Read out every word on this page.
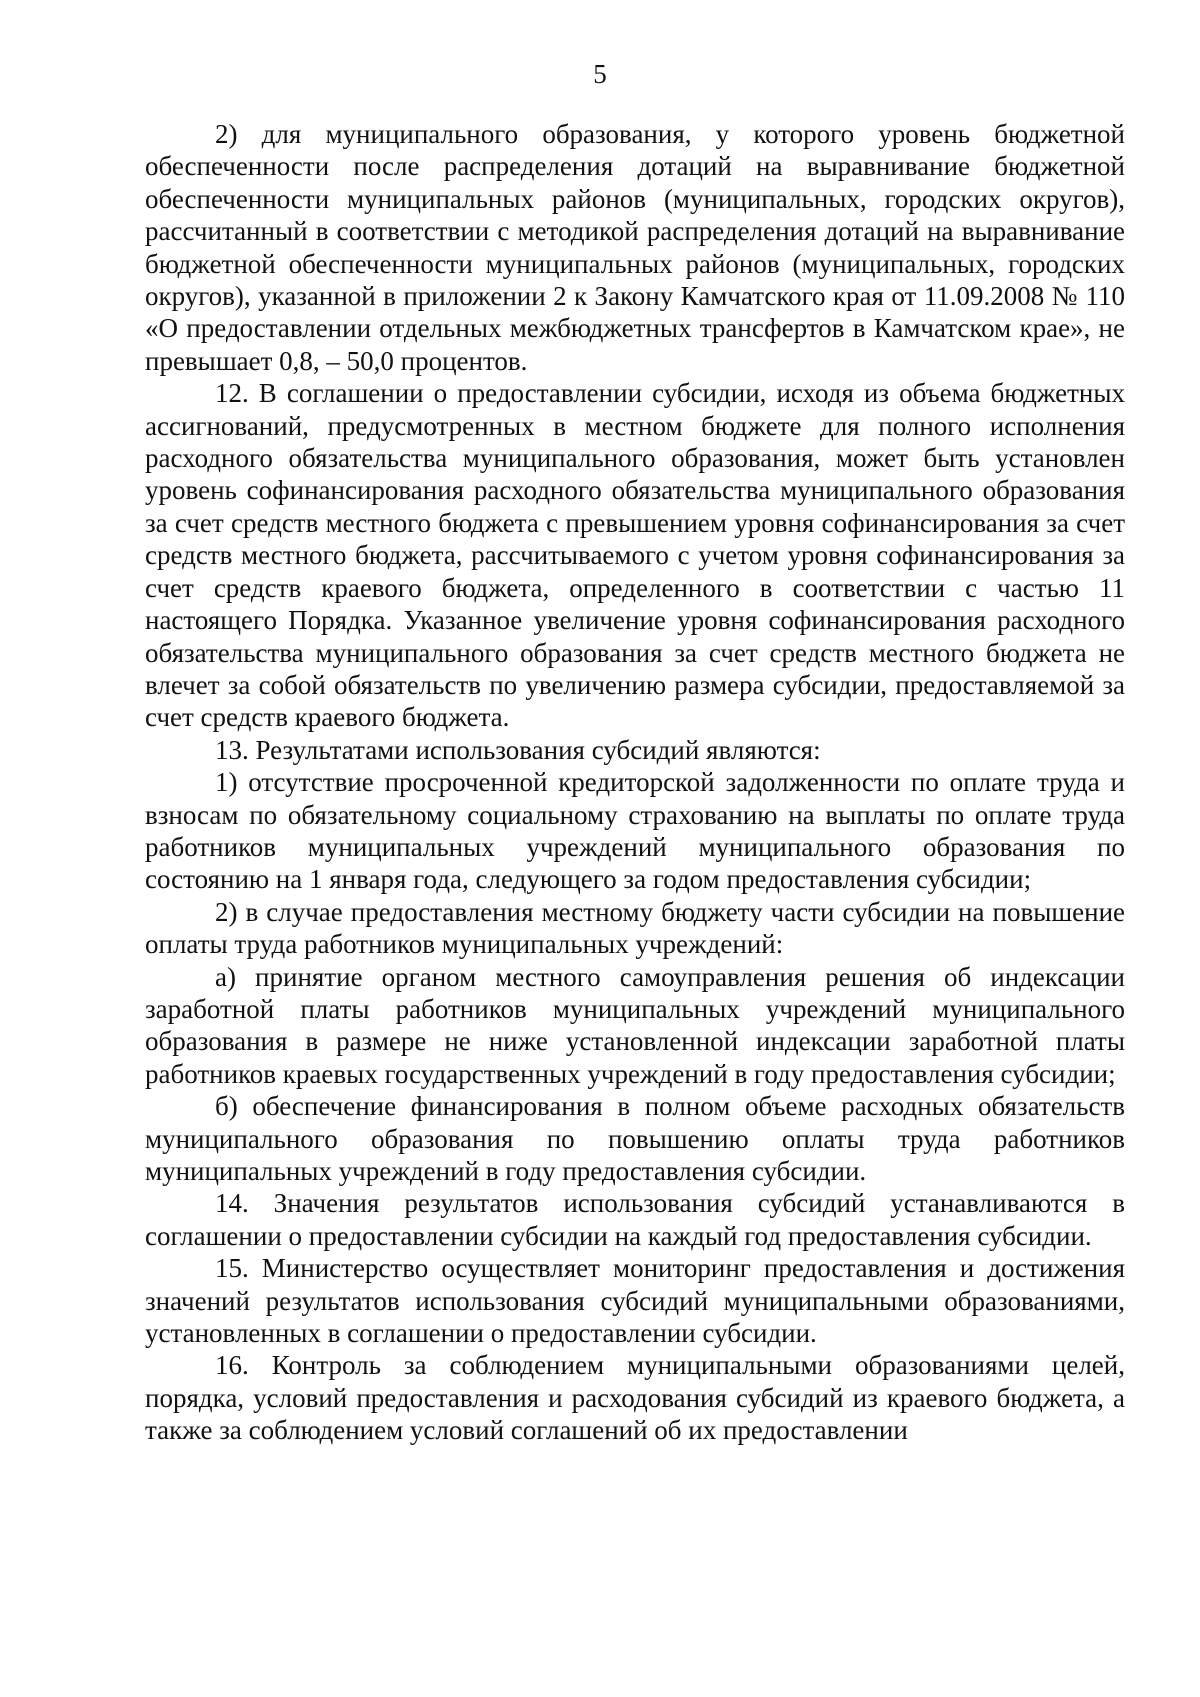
5

2) для муниципального образования, у которого уровень бюджетной обеспеченности после распределения дотаций на выравнивание бюджетной обеспеченности муниципальных районов (муниципальных, городских округов), рассчитанный в соответствии с методикой распределения дотаций на выравнивание бюджетной обеспеченности муниципальных районов (муниципальных, городских округов), указанной в приложении 2 к Закону Камчатского края от 11.09.2008 № 110 «О предоставлении отдельных межбюджетных трансфертов в Камчатском крае», не превышает 0,8, – 50,0 процентов.

12. В соглашении о предоставлении субсидии, исходя из объема бюджетных ассигнований, предусмотренных в местном бюджете для полного исполнения расходного обязательства муниципального образования, может быть установлен уровень софинансирования расходного обязательства муниципального образования за счет средств местного бюджета с превышением уровня софинансирования за счет средств местного бюджета, рассчитываемого с учетом уровня софинансирования за счет средств краевого бюджета, определенного в соответствии с частью 11 настоящего Порядка. Указанное увеличение уровня софинансирования расходного обязательства муниципального образования за счет средств местного бюджета не влечет за собой обязательств по увеличению размера субсидии, предоставляемой за счет средств краевого бюджета.

13. Результатами использования субсидий являются:

1) отсутствие просроченной кредиторской задолженности по оплате труда и взносам по обязательному социальному страхованию на выплаты по оплате труда работников муниципальных учреждений муниципального образования по состоянию на 1 января года, следующего за годом предоставления субсидии;

2) в случае предоставления местному бюджету части субсидии на повышение оплаты труда работников муниципальных учреждений:

а) принятие органом местного самоуправления решения об индексации заработной платы работников муниципальных учреждений муниципального образования в размере не ниже установленной индексации заработной платы работников краевых государственных учреждений в году предоставления субсидии;

б) обеспечение финансирования в полном объеме расходных обязательств муниципального образования по повышению оплаты труда работников муниципальных учреждений в году предоставления субсидии.

14. Значения результатов использования субсидий устанавливаются в соглашении о предоставлении субсидии на каждый год предоставления субсидии.

15. Министерство осуществляет мониторинг предоставления и достижения значений результатов использования субсидий муниципальными образованиями, установленных в соглашении о предоставлении субсидии.

16. Контроль за соблюдением муниципальными образованиями целей, порядка, условий предоставления и расходования субсидий из краевого бюджета, а также за соблюдением условий соглашений об их предоставлении
